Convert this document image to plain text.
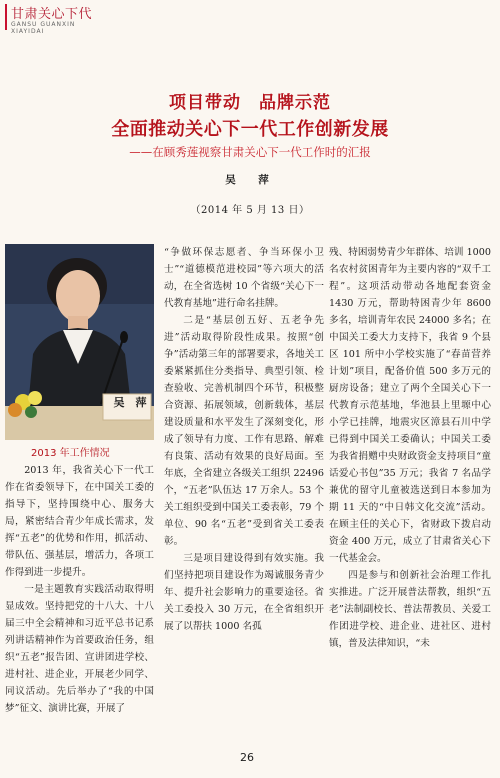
甘肃关心下代
GANSU GUANXIN
XIAYIDAI
项目带动　品牌示范
全面推动关心下一代工作创新发展
——在顾秀莲视察甘肃关心下一代工作时的汇报
吴　萍
（2014 年 5 月 13 日）
吴　萍
2013 年工作情况

2013 年，我省关心下一代工作在省委领导下，在中国关工委的指导下，坚持围绕中心、服务大局，紧密结合青少年成长需求，发挥“五老”的优势和作用，抓活动、带队伍、强基层，增活力，各项工作得到进一步提升。

一是主题教育实践活动取得明显成效。坚持把党的十八大、十八届三中全会精神和习近平总书记系列讲话精神作为首要政治任务，组织“五老”报告团、宣讲团进学校、进村社、进企业，开展老少同学、同议活动。先后举办了“我的中国梦”征文、演讲比赛，开展了

“争做环保志愿者、争当环保小卫士”“道德模范进校园”等六项大的活动，在全省选树 10 个省级“关心下一代教育基地”进行命名挂牌。

二是“基层创五好、五老争先进”活动取得阶段性成果。按照“创争”活动第三年的部署要求，各地关工委紧紧抓住分类指导、典型引领、检查验收、完善机制四个环节，积极整合资源、拓展领域，创新载体，基层建设质量和水平发生了深刻变化，形成了领导有力度、工作有思路、解难有良策、活动有效果的良好局面。至年底，全省建立各级关工组织 22496 个，“五老”队伍达 17 万余人。53 个关工组织受到中国关工委表彰，79 个单位、90 名“五老”受到省关工委表彰。

三是项目建设得到有效实施。我们坚持把项目建设作为竭诚服务青少年、提升社会影响力的重要途径。省关工委投入 30 万元，在全省组织开展了以帮扶 1000 名孤

残、特困弱势青少年群体、培训 1000 名农村贫困青年为主要内容的“双千工程”。这项活动带动各地配套资金 1430 万元，帮助特困青少年 8600 多名，培训青年农民 24000 多名；在中国关工委大力支持下，我省 9 个县区 101 所中小学校实施了“春苗营养计划”项目，配备价值 500 多万元的厨房设备；建立了两个全国关心下一代教育示范基地，华池县上里塬中心小学已挂牌，地震灾区漳县石川中学已得到中国关工委确认；中国关工委为我省捐赠中央财政资金支持项目“童话爱心书包”35 万元；我省 7 名品学兼优的留守儿童被选送到日本参加为期 11 天的“中日韩文化交流”活动。在顾主任的关心下，省财政下拨启动资金 400 万元，成立了甘肃省关心下一代基金会。

四是参与和创新社会治理工作扎实推进。广泛开展普法帮教，组织“五老”法制副校长、普法帮教员、关爱工作团进学校、进企业、进社区、进村镇，普及法律知识，“未

26
